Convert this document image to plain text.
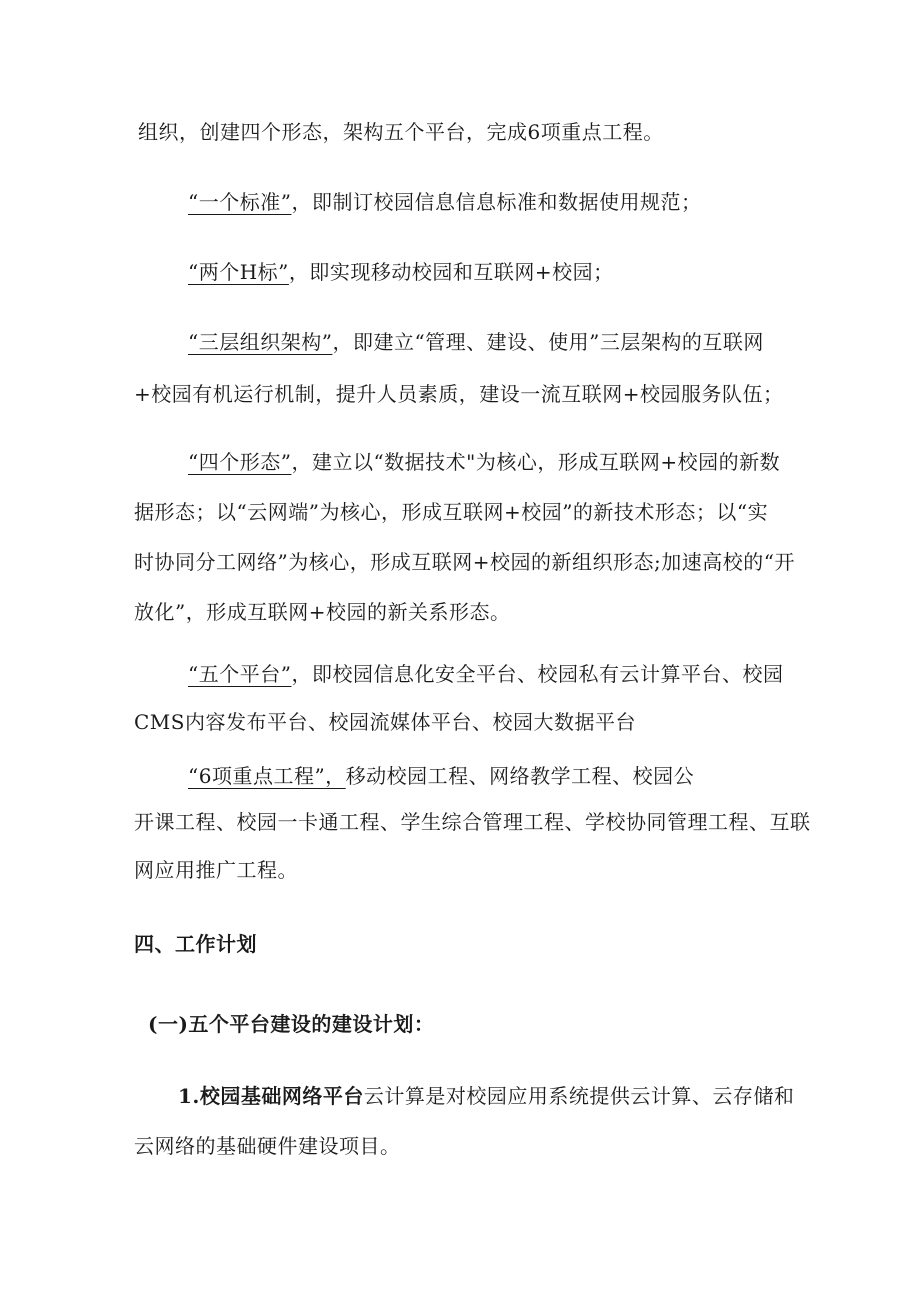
组织，创建四个形态，架构五个平台，完成6项重点工程。
“一个标准”，即制订校园信息信息标准和数据使用规范；
“两个H标”，即实现移动校园和互联网+校园；
“三层组织架构”，即建立“管理、建设、使用”三层架构的互联网
+校园有机运行机制，提升人员素质，建设一流互联网+校园服务队伍；
“四个形态”，建立以“数据技术"为核心，形成互联网+校园的新数
据形态；以“云网端”为核心，形成互联网+校园”的新技术形态；以“实
时协同分工网络”为核心，形成互联网+校园的新组织形态;加速高校的“开
放化”，形成互联网+校园的新关系形态。
“五个平台”，即校园信息化安全平台、校园私有云计算平台、校园
CMS内容发布平台、校园流媒体平台、校园大数据平台
“6项重点工程”，移动校园工程、网络教学工程、校园公
开课工程、校园一卡通工程、学生综合管理工程、学校协同管理工程、互联
网应用推广工程。
四、工作计划
(一)五个平台建设的建设计划：
1.校园基础网络平台云计算是对校园应用系统提供云计算、云存储和
云网络的基础硬件建设项目。
